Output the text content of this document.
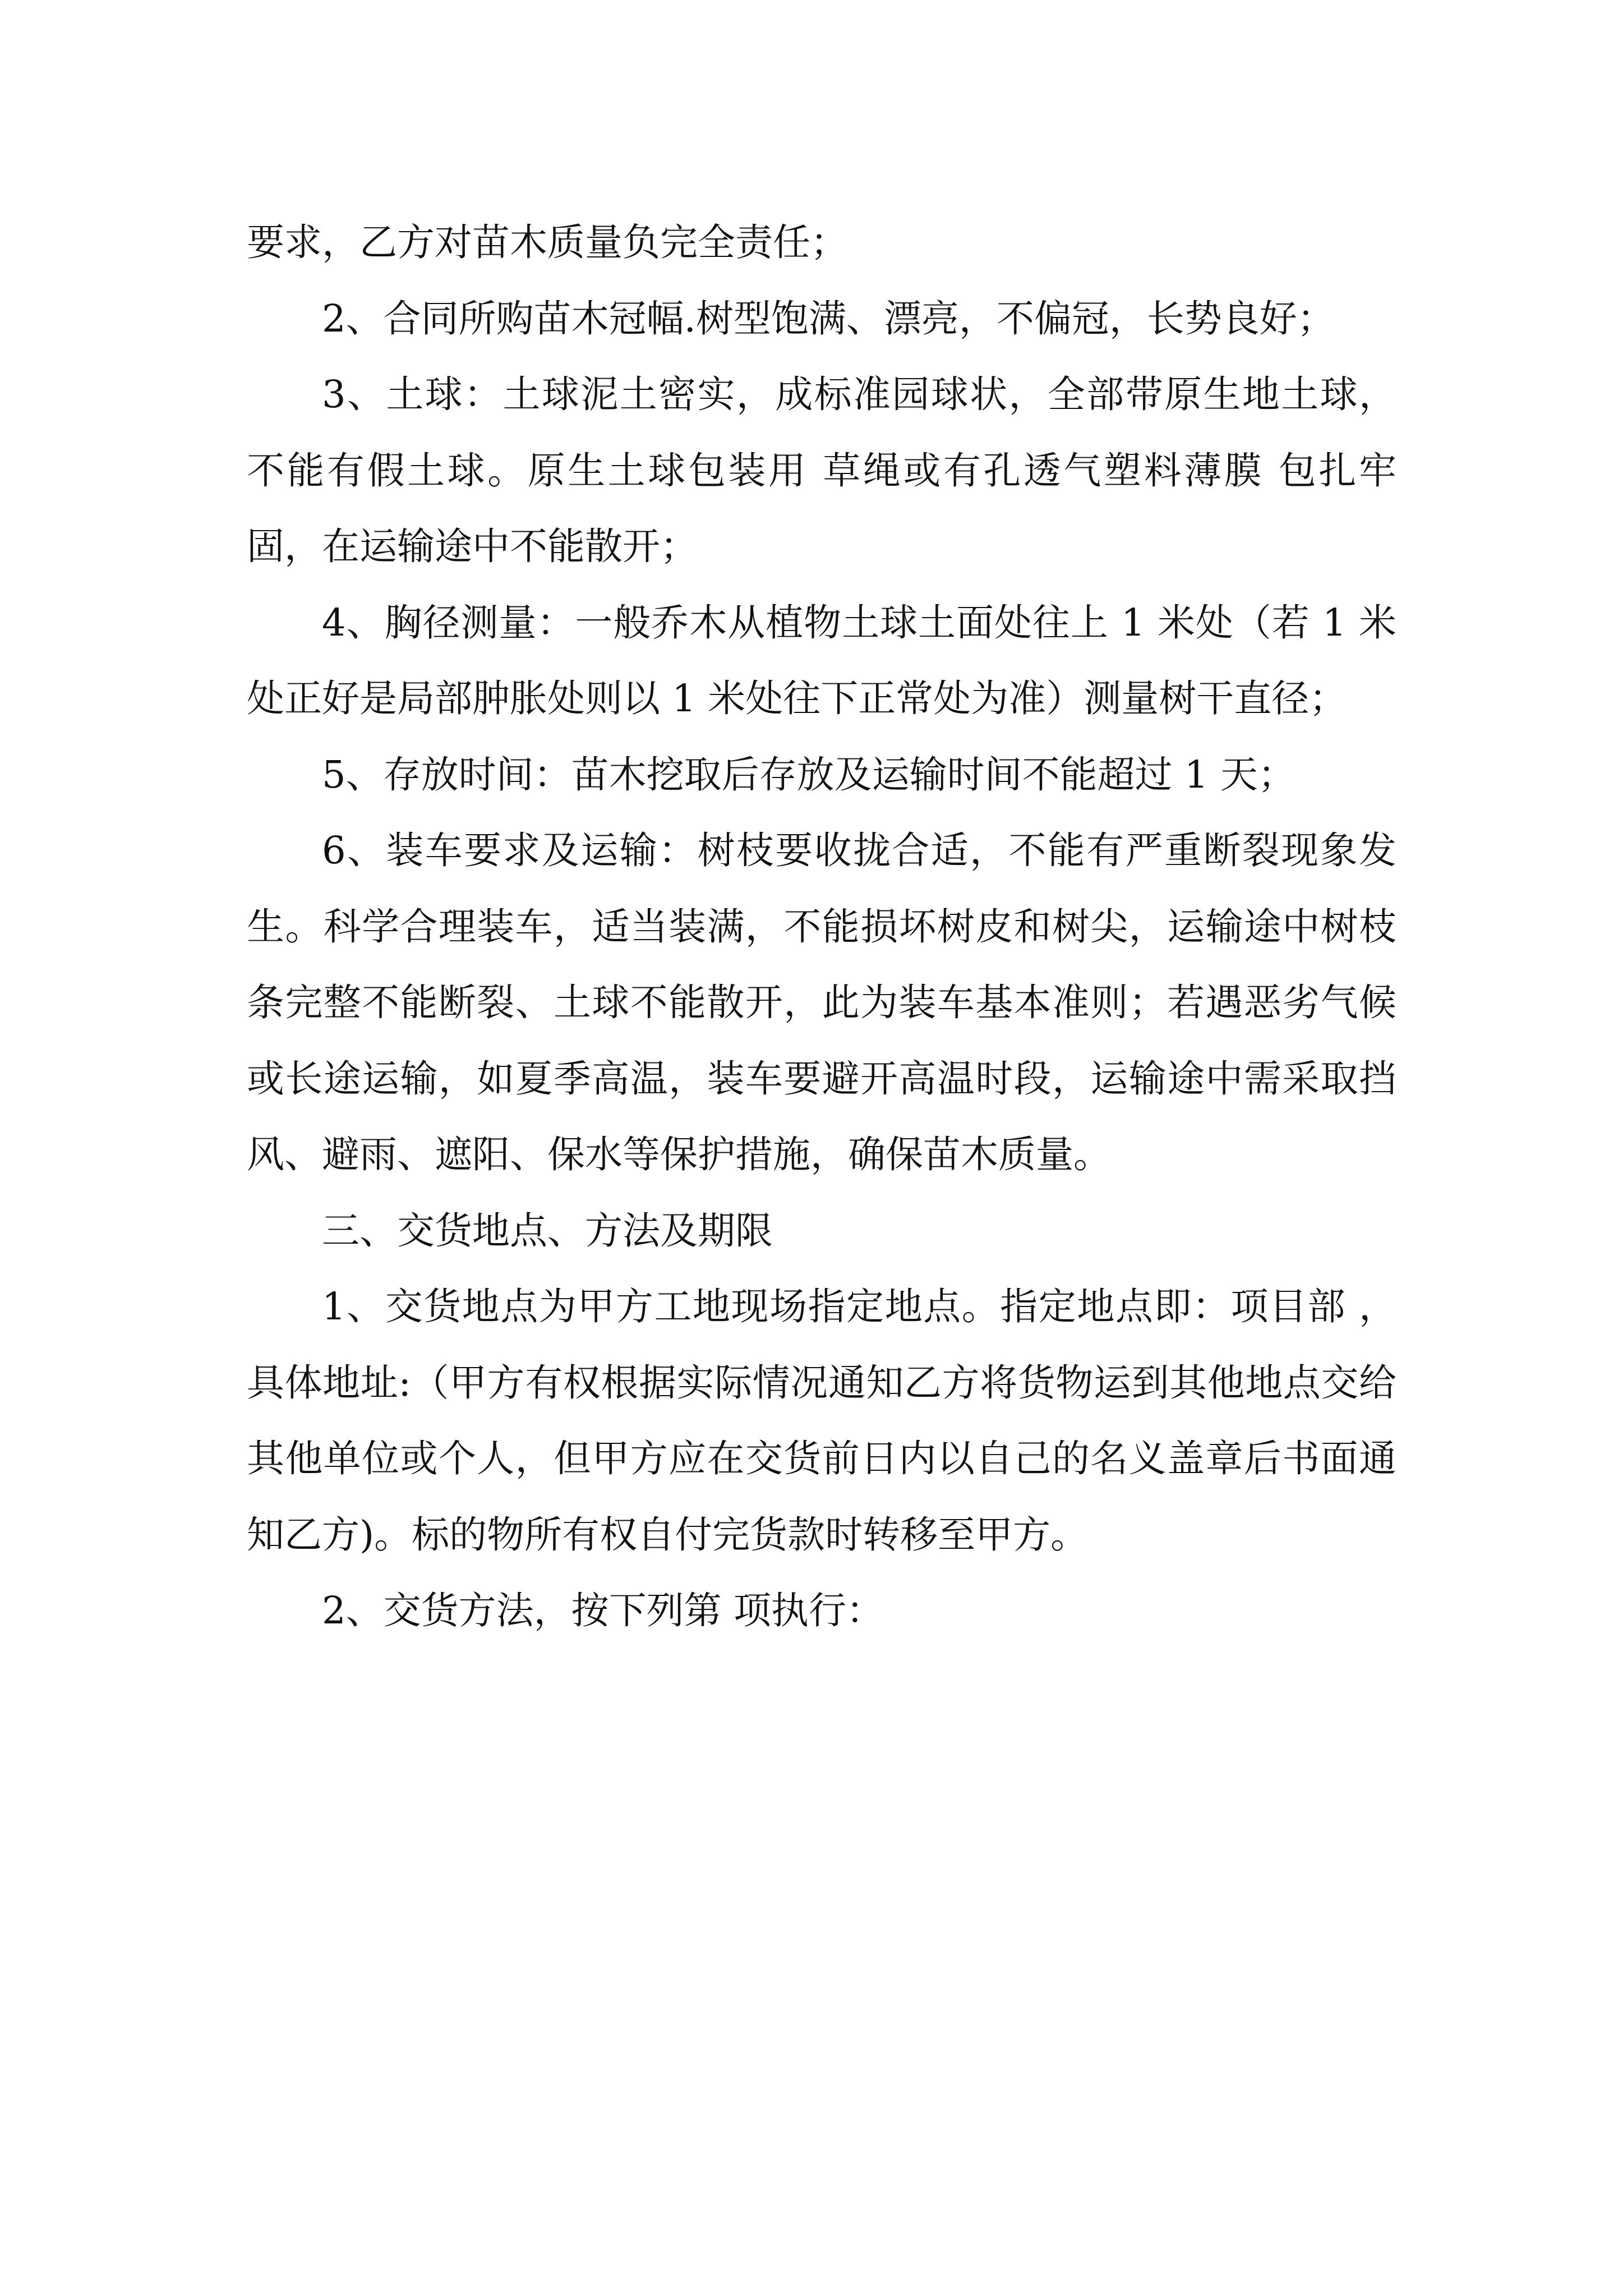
要求，乙方对苗木质量负完全责任；

2、合同所购苗木冠幅.树型饱满、漂亮，不偏冠，长势良好；

3、土球：土球泥土密实，成标准园球状，全部带原生地土球，不能有假土球。原生土球包装用 草绳或有孔透气塑料薄膜 包扎牢固，在运输途中不能散开；

4、胸径测量：一般乔木从植物土球土面处往上 1 米处（若 1 米处正好是局部肿胀处则以 1 米处往下正常处为准）测量树干直径；

5、存放时间：苗木挖取后存放及运输时间不能超过 1 天；

6、装车要求及运输：树枝要收拢合适，不能有严重断裂现象发生。科学合理装车，适当装满，不能损坏树皮和树尖，运输途中树枝条完整不能断裂、土球不能散开，此为装车基本准则；若遇恶劣气候或长途运输，如夏季高温，装车要避开高温时段，运输途中需采取挡风、避雨、遮阳、保水等保护措施，确保苗木质量。

三、交货地点、方法及期限

1、交货地点为甲方工地现场指定地点。指定地点即：项目部 ，具体地址:（甲方有权根据实际情况通知乙方将货物运到其他地点交给其他单位或个人，但甲方应在交货前日内以自己的名义盖章后书面通知乙方)。标的物所有权自付完货款时转移至甲方。

2、交货方法，按下列第 项执行：
